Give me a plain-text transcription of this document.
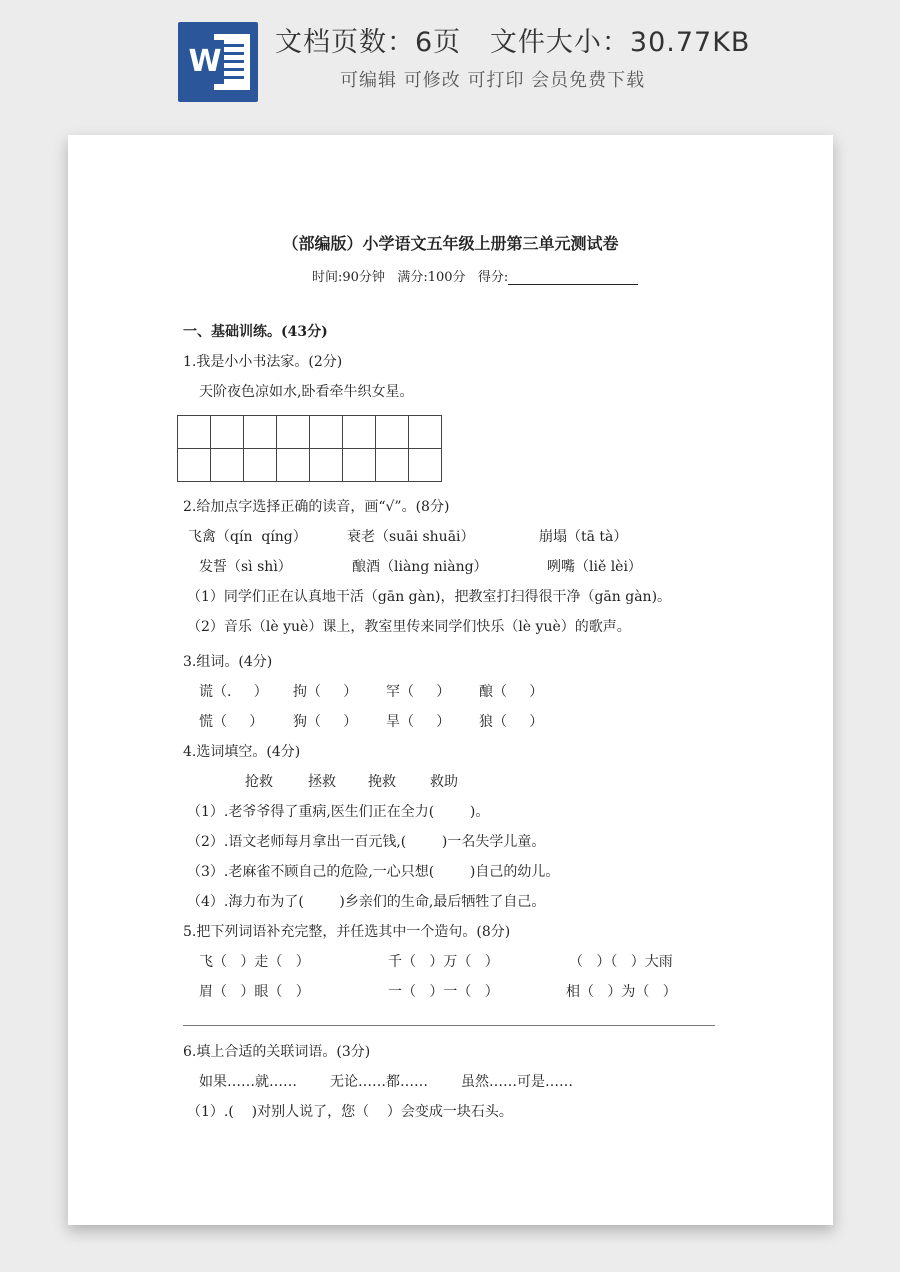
W
文档页数：6页   文件大小：30.77KB
可编辑 可修改 可打印 会员免费下载
（部编版）小学语文五年级上册第三单元测试卷
时间:90分钟   满分:100分   得分:
一、基础训练。(43分)
1.我是小小书法家。(2分)
天阶夜色凉如水,卧看牵牛织女星。

2.给加点字选择正确的读音，画“√”。(8分)
飞禽（qín  qíng）	衰老（suāi shuāi）	崩塌（tā tà）
发誓（sì shì）	酿酒（liàng niàng）	咧嘴（liě lèi）
（1）同学们正在认真地干活（gān gàn)，把教室打扫得很干净（gān gàn)。
（2）音乐（lè yuè）课上，教室里传来同学们快乐（lè yuè）的歌声。
3.组词。(4分)
谎（.     ） 拘（     ） 罕（     ） 酿（     ）
慌（     ） 狗（     ） 旱（     ） 狼（     ）
4.选词填空。(4分)
抢救	拯救 挽救 救助
（1）.老爷爷得了重病,医生们正在全力(        )。
（2）.语文老师每月拿出一百元钱,(        )一名失学儿童。
（3）.老麻雀不顾自己的危险,一心只想(        )自己的幼儿。
（4）.海力布为了(        )乡亲们的生命,最后牺牲了自己。
5.把下列词语补充完整，并任选其中一个造句。(8分)
飞（   ）走（   ）	千（   ）万（   ）	（   ）（   ）大雨
眉（   ）眼（   ）	一（   ）一（   ）	相（   ）为（   ）
6.填上合适的关联词语。(3分)
如果……就…… 无论……都…… 虽然……可是……
（1）.(    )对别人说了，您（    ）会变成一块石头。
